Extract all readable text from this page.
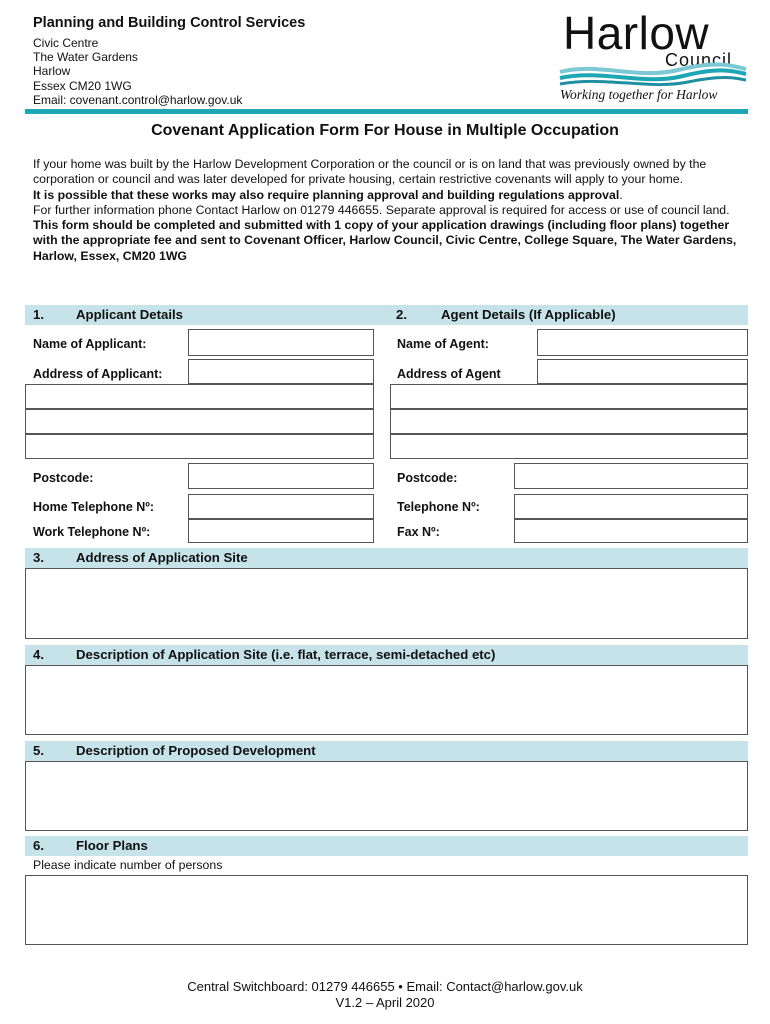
Planning and Building Control Services
Civic Centre
The Water Gardens
Harlow
Essex CM20 1WG
Email: covenant.control@harlow.gov.uk
Harlow
Council
Working together for Harlow
Covenant Application Form For House in Multiple Occupation

If your home was built by the Harlow Development Corporation or the council or is on land that was previously owned by the corporation or council and was later developed for private housing, certain restrictive covenants will apply to your home.

It is possible that these works may also require planning approval and building regulations approval.

For further information phone Contact Harlow on 01279 446655. Separate approval is required for access or use of council land.

This form should be completed and submitted with 1 copy of your application drawings (including floor plans) together with the appropriate fee and sent to Covenant Officer, Harlow Council, Civic Centre, College Square, The Water Gardens, Harlow, Essex, CM20 1WG

1. Applicant Details	2.	Agent Details (If Applicable)
Name of Applicant:
Address of Applicant:
Postcode:
Home Telephone Nº:
Work Telephone Nº:
Name of Agent:
Address of Agent
Postcode:
Telephone Nº:
Fax Nº:
3. Address of Application Site
4. Description of Application Site (i.e. flat, terrace, semi-detached etc)
5. Description of Proposed Development
6. Floor Plans
Please indicate number of persons
Central Switchboard: 01279 446655 • Email: Contact@harlow.gov.uk
V1.2 – April 2020
